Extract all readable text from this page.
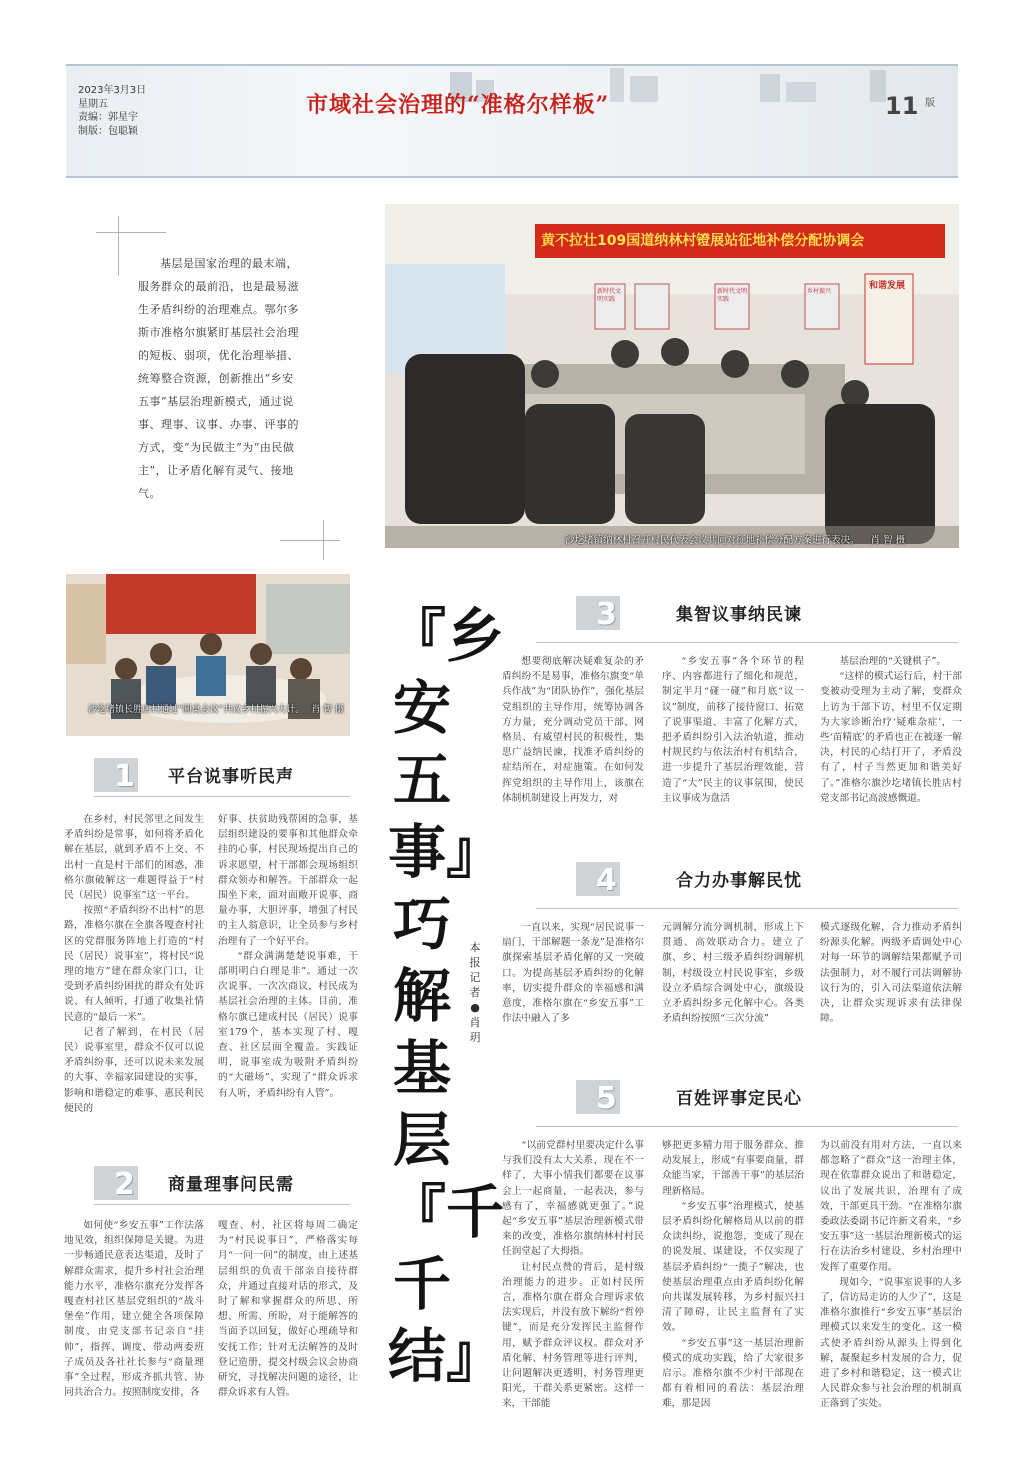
2023年3月3日
星期五
责编：郭星宇
制版：包聪颖
市域社会治理的“准格尔样板”	11 版
基层是国家治理的最末端，服务群众的最前沿，也是最易滋生矛盾纠纷的治理难点。鄂尔多斯市准格尔旗紧盯基层社会治理的短板、弱项，优化治理举措、统筹整合资源，创新推出“乡安五事”基层治理新模式，通过说事、理事、议事、办事、评事的方式，变“为民做主”为“由民做主”，让矛盾化解有灵气、接地气。
黄不拉壮109国道纳林村镫展站征地补偿分配协调会
和谐发展
新时代文明实践
新时代文明实践
乡村振兴
沙圪堵镇纳林村召开村民代表会议共同对征地补偿分配方案进行表决。 肖 智 摄
沙圪堵镇长胜店村通过“圆桌会议”共议乡村振兴大计。 肖 智 摄
『乡安五事』巧解基层『千千结』
本报记者●肖玥
1 平台说事听民声

在乡村，村民邻里之间发生矛盾纠纷是常事，如何将矛盾化解在基层，就到矛盾不上交、不出村一直是村干部们的困惑，准格尔旗破解这一难题得益于“村民（居民）说事室”这一平台。

按照“矛盾纠纷不出村”的思路，准格尔旗在全旗各嘎查村社区的党群服务阵地上打造的“村民（居民）说事室”，将村民“说理的地方”建在群众家门口，让受到矛盾纠纷困扰的群众有处诉说、有人倾听，打通了收集社情民意的“最后一米”。

记者了解到，在村民（居民）说事室里，群众不仅可以说矛盾纠纷事，还可以说未来发展的大事、幸福家园建设的实事，影响和谐稳定的难事、惠民利民便民的

好事、扶贫助残帮困的急事，基层组织建设的要事和其他群众牵挂的心事，村民现场提出自己的诉求愿望，村干部都会现场组织群众领办和解答。干部群众一起围坐下来，面对面敞开说事、商量办事，大胆评事，增强了村民的主人翁意识，让全员参与乡村治理有了一个好平台。

“群众满满楚楚说事难，干部明明白白理是非”。通过一次次说事、一次次商议，村民成为基层社会治理的主体。目前，准格尔旗已建成村民（居民）说事室179个，基本实现了村、嘎查、社区层面全覆盖。实践证明，说事室成为吸附矛盾纠纷的“大磁场”，实现了“群众诉求有人听，矛盾纠纷有人管”。

2 商量理事问民需

如何使“乡安五事”工作法落地见效，组织保障是关键。为进一步畅通民意表达渠道，及时了解群众需求，提升乡村社会治理能力水平，准格尔旗充分发挥各嘎查村社区基层党组织的“战斗堡垒”作用，建立健全各项保障制度，由党支部书记亲自“挂帅”，指挥、调度、带动两委班子成员及各社社长参与“商量理事”全过程，形成齐抓共管、协同共治合力。按照制度安排，各

嘎查、村、社区将每周二确定为“村民说事日”，严格落实每月“一问一问”的制度，由上述基层组织的负责干部亲自接待群众，并通过直接对话的形式，及时了解和掌握群众的所思、所想、所需、所盼，对于能解答的当面予以回复，做好心理疏导和安抚工作；针对无法解答的及时登记造册，提交村级会议会协商研究，寻找解决问题的途径，让群众诉求有人管。

3	集智议事纳民谏

想要彻底解决疑难复杂的矛盾纠纷不是易事，准格尔旗变“单兵作战”为“团队协作”，强化基层党组织的主导作用，统筹协调各方力量，充分调动党员干部、网格员、有威望村民的积极性，集思广益纳民谏，找准矛盾纠纷的症结所在，对症施策。在如何发挥党组织的主导作用上，该旗在体制机制建设上再发力，对

“乡安五事”各个环节的程序、内容都进行了细化和规范，制定半月“碰一碰”和月底“议一议”制度，前移了接待窗口、拓宽了说事渠道、丰富了化解方式，把矛盾纠纷引入法治轨道，推动村规民约与依法治村有机结合，进一步提升了基层治理效能，营造了“大”民主的议事氛围，使民主议事成为盘活

基层治理的“关键棋子”。

“这样的模式运行后，村干部变被动受理为主动了解，变群众上访为干部下访，村里不仅定期为大家诊断治疗‘疑难杂症’，一些‘苗精底’的矛盾也正在被逐一解决，村民的心结打开了，矛盾没有了，村子当然更加和谐美好了。”准格尔旗沙圪堵镇长胜店村党支部书记高波感慨道。

4	合力办事解民忧

一直以来，实现“居民说事一扇门，干部解题一条龙”是准格尔旗探索基层矛盾化解的又一突破口。为提高基层矛盾纠纷的化解率，切实提升群众的幸福感和满意度，准格尔旗在“乡安五事”工作法中融入了多

元调解分流分调机制，形成上下贯通、高效联动合力。建立了旗、乡、村三级矛盾纠纷调解机制，村级设立村民说事室，乡级设立矛盾综合调处中心，旗级设立矛盾纠纷多元化解中心。各类矛盾纠纷按照“三次分流”

模式逐级化解，合力推动矛盾纠纷源头化解。两级矛盾调处中心对每一环节的调解结果都赋予司法强制力，对不履行司法调解协议行为的，引入司法渠道依法解决，让群众实现诉求有法律保障。

5	百姓评事定民心

“以前党群村里要决定什么事与我们没有太大关系，现在不一样了，大事小情我们都要在议事会上一起商量，一起表决，参与感有了，幸福感就更强了。”说起“乡安五事”基层治理新模式带来的改变，准格尔旗纳林村村民任润堂起了大拇指。

让村民点赞的背后，是村级治理能力的进步。正如村民所言，准格尔旗在群众合理诉求依法实现后，并没有放下解纷“哲停键”，而是充分发挥民主监督作用，赋予群众评议权。群众对矛盾化解、村务管理等进行评判，让问题解决更透明，村务管理更阳光，干群关系更紧密。这样一来，干部能

够把更多精力用于服务群众、推动发展上，形成“有事要商量，群众能当家，干部善干事”的基层治理新格局。

“乡安五事”治理模式，使基层矛盾纠纷化解格局从以前的群众读纠纷，说抱怨，变成了现在的说发展、谋建设，不仅实现了基层矛盾纠纷“一揽子”解决，也使基层治理重点由矛盾纠纷化解向共谋发展转移，为乡村振兴扫清了障碍，让民主监督有了实效。

“乡安五事”这一基层治理新模式的成功实践，给了大家很多启示。准格尔旗不少村干部现在都有着相同的看法：基层治理难，那是因

为以前没有用对方法，一直以来都忽略了“群众”这一治理主体，现在依靠群众说出了和谐稳定，议出了发展共识，治理有了成效，干部更具干劲。“在准格尔旗委政法委副书记许新文看来，“乡安五事”这一基层治理新模式的运行在法治乡村建设、乡村治理中发挥了重要作用。

现如今，“说事室说事的人多了，信访局走访的人少了”，这是准格尔旗推行“乡安五事”基层治理模式以来发生的变化。这一模式使矛盾纠纷从源头上得到化解，凝聚起乡村发展的合力，促进了乡村和谐稳定，这一模式让人民群众参与社会治理的机制真正落到了实处。
